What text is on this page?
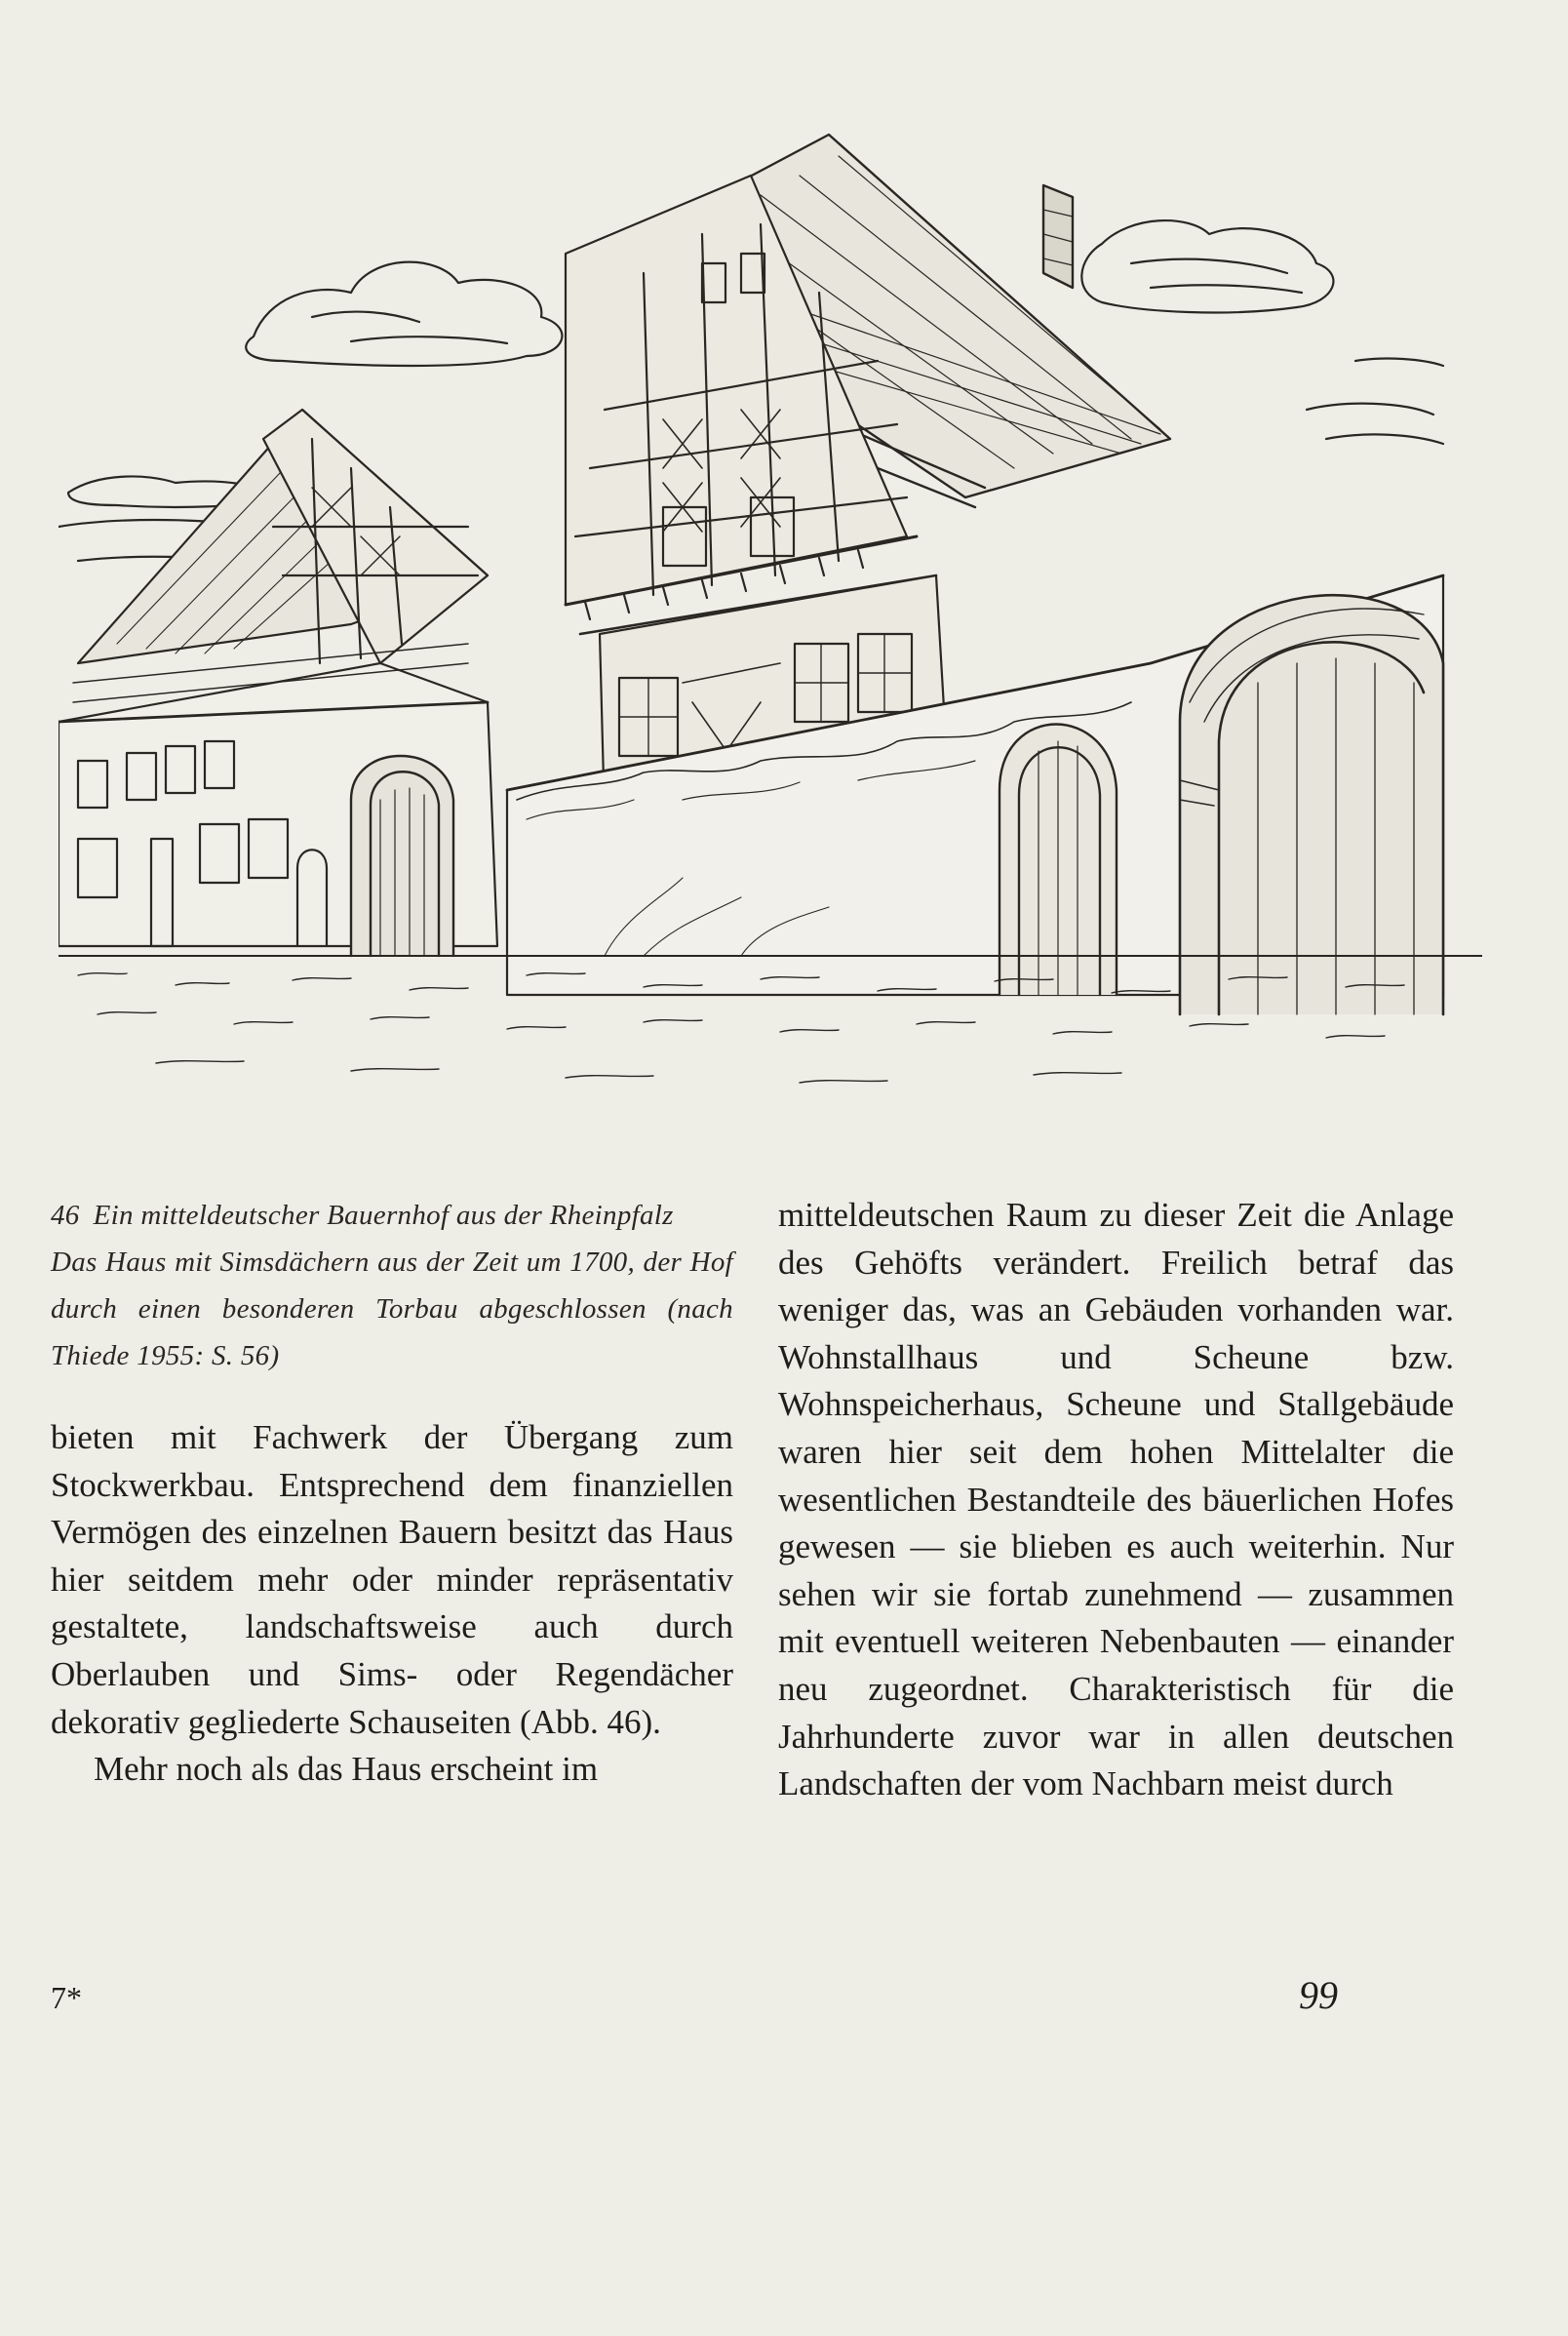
46 Ein mitteldeutscher Bauernhof aus der Rheinpfalz
Das Haus mit Simsdächern aus der Zeit um 1700, der Hof durch einen besonderen Torbau abgeschlossen (nach Thiede 1955: S. 56)

bieten mit Fachwerk der Übergang zum Stockwerkbau. Entsprechend dem finanziellen Vermögen des einzelnen Bauern besitzt das Haus hier seitdem mehr oder minder repräsentativ gestaltete, landschaftsweise auch durch Oberlauben und Sims- oder Regendächer dekorativ gegliederte Schauseiten (Abb. 46).

Mehr noch als das Haus erscheint im

mitteldeutschen Raum zu dieser Zeit die Anlage des Gehöfts verändert. Freilich betraf das weniger das, was an Gebäuden vorhanden war. Wohnstallhaus und Scheune bzw. Wohnspeicherhaus, Scheune und Stallgebäude waren hier seit dem hohen Mittelalter die wesentlichen Bestandteile des bäuerlichen Hofes gewesen — sie blieben es auch weiterhin. Nur sehen wir sie fortab zunehmend — zusammen mit eventuell weiteren Nebenbauten — einander neu zugeordnet. Charakteristisch für die Jahrhunderte zuvor war in allen deutschen Landschaften der vom Nachbarn meist durch

7*	99
